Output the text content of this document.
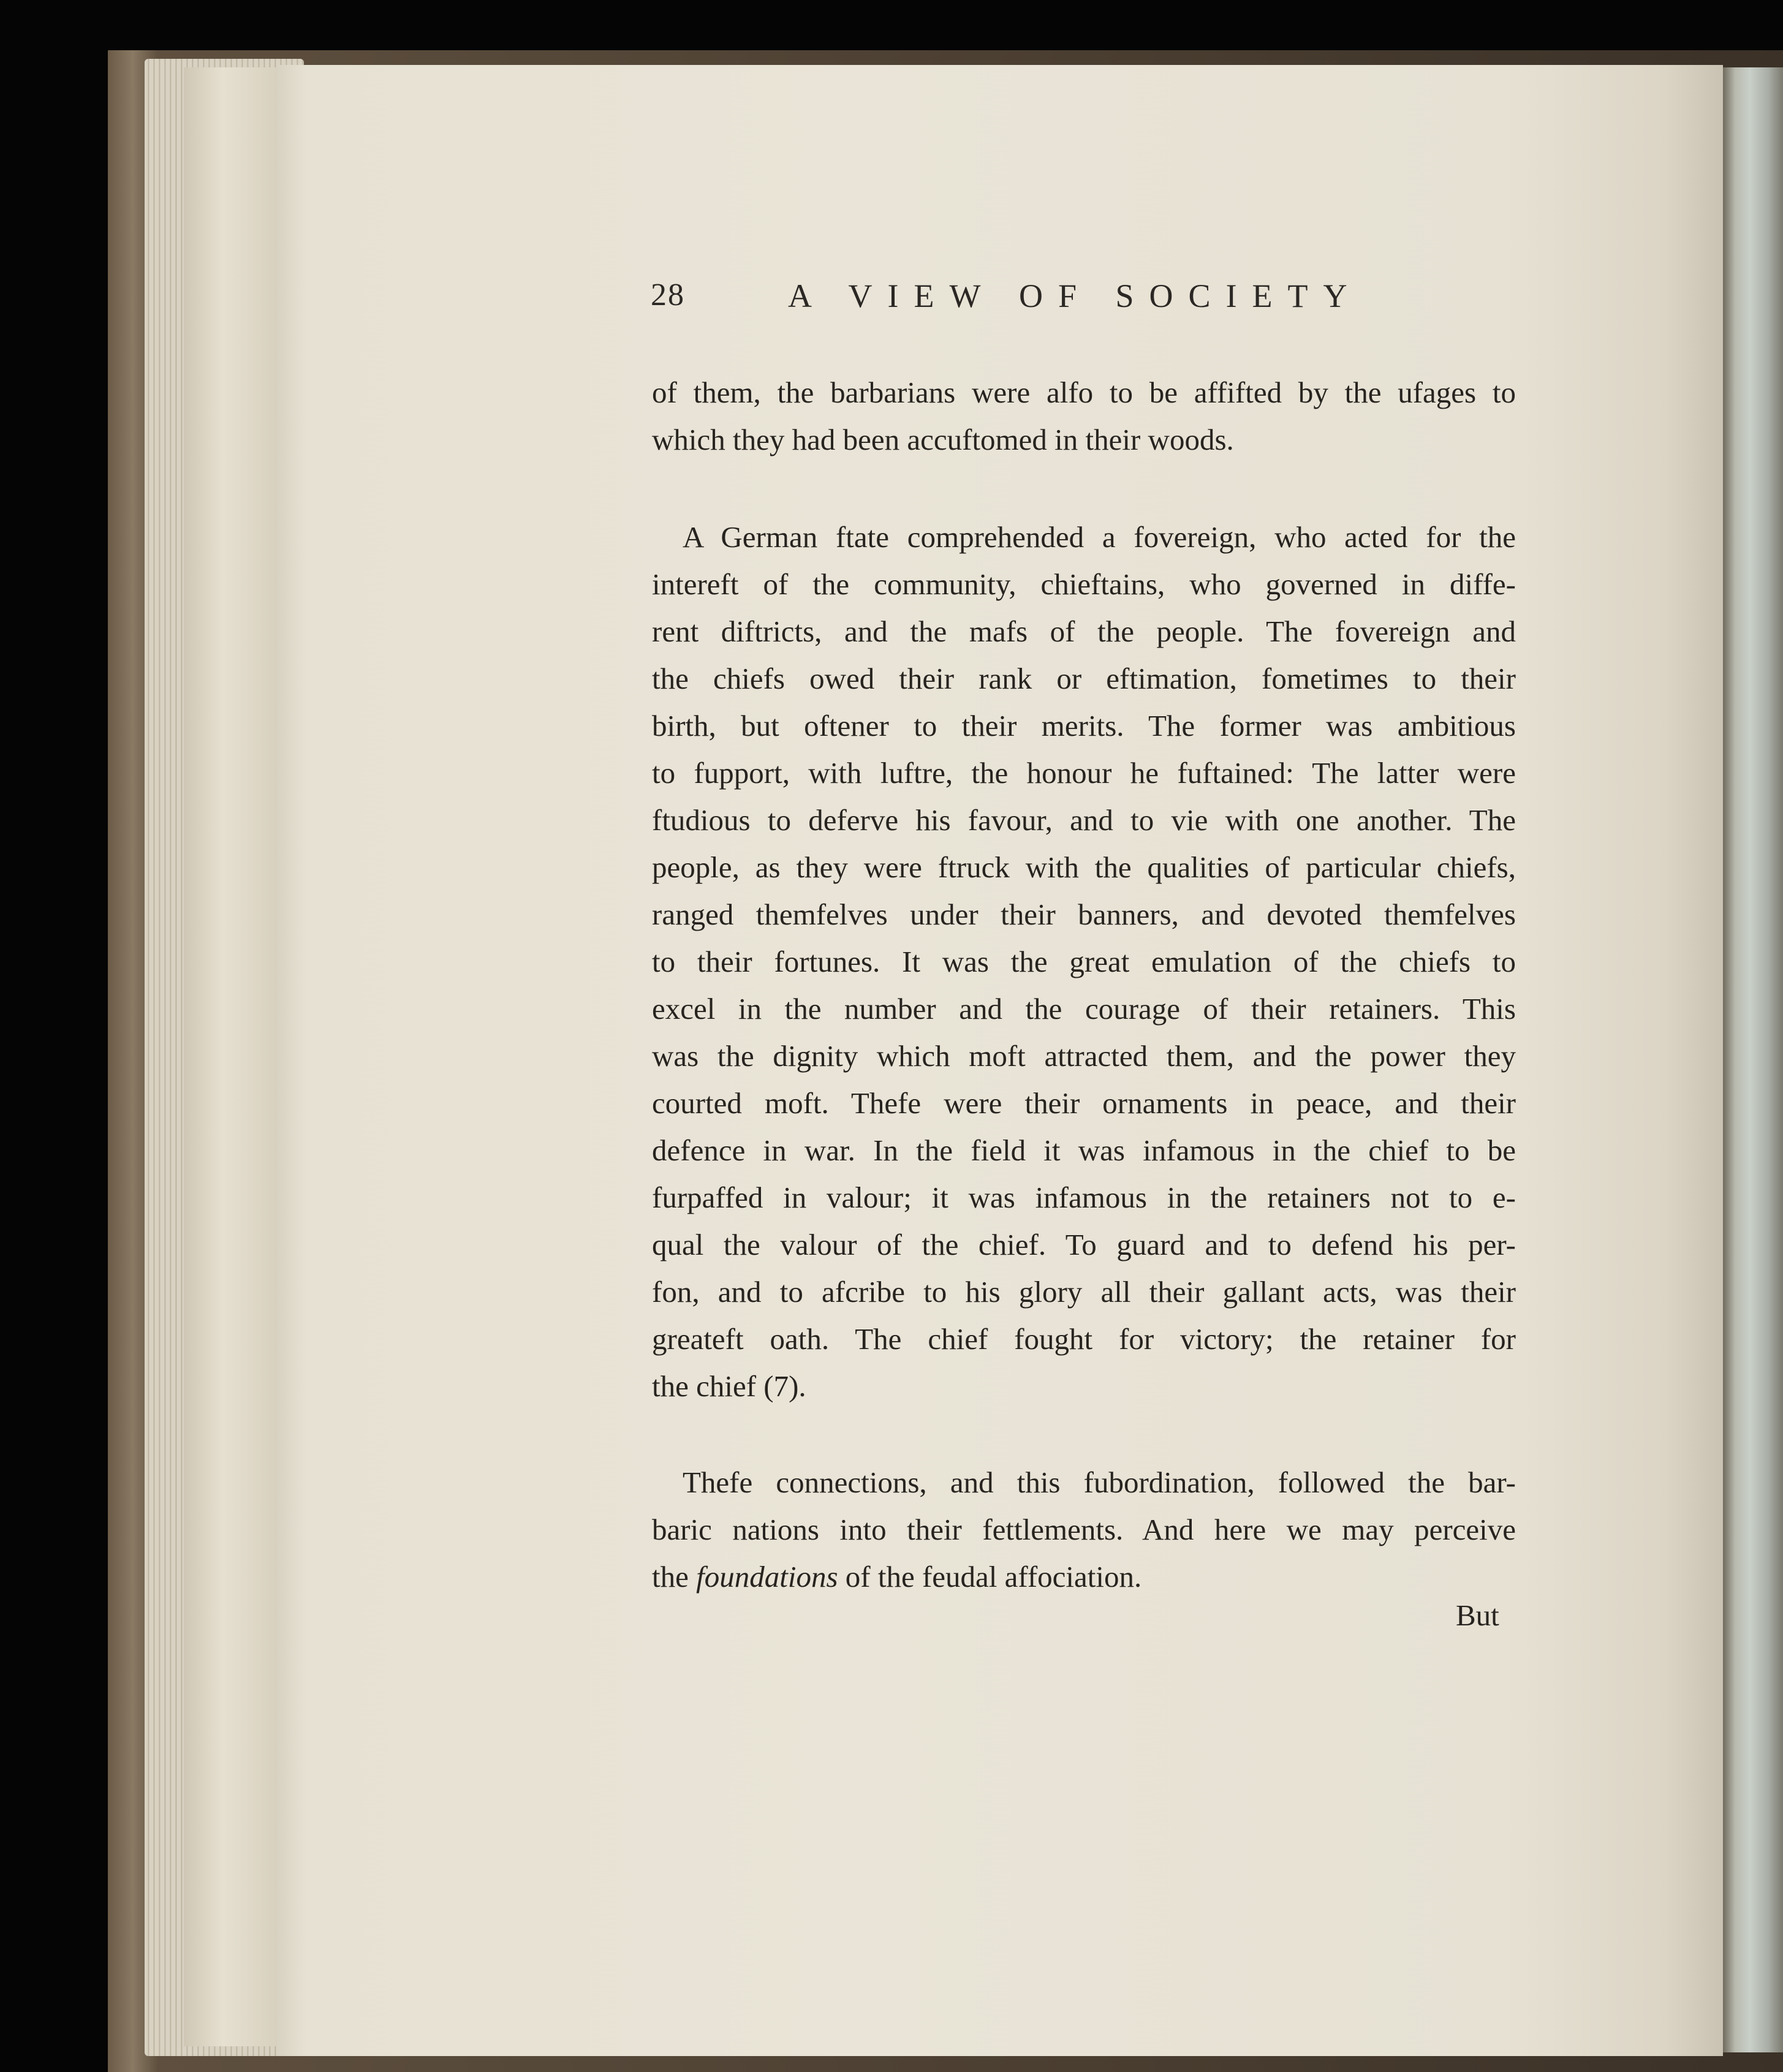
28	A VIEW OF SOCIETY
of them, the barbarians were alfo to be affifted by the ufages to
which they had been accuftomed in their woods.
A German ftate comprehended a fovereign, who acted for the
intereft of the community, chieftains, who governed in diffe-
rent diftricts, and the mafs of the people. The fovereign and
the chiefs owed their rank or eftimation, fometimes to their
birth, but oftener to their merits. The former was ambitious
to fupport, with luftre, the honour he fuftained: The latter were
ftudious to deferve his favour, and to vie with one another. The
people, as they were ftruck with the qualities of particular chiefs,
ranged themfelves under their banners, and devoted themfelves
to their fortunes. It was the great emulation of the chiefs to
excel in the number and the courage of their retainers. This
was the dignity which moft attracted them, and the power they
courted moft. Thefe were their ornaments in peace, and their
defence in war. In the field it was infamous in the chief to be
furpaffed in valour; it was infamous in the retainers not to e-
qual the valour of the chief. To guard and to defend his per-
fon, and to afcribe to his glory all their gallant acts, was their
greateft oath. The chief fought for victory; the retainer for
the chief (7).
Thefe connections, and this fubordination, followed the bar-
baric nations into their fettlements. And here we may perceive
the foundations of the feudal affociation.
But
